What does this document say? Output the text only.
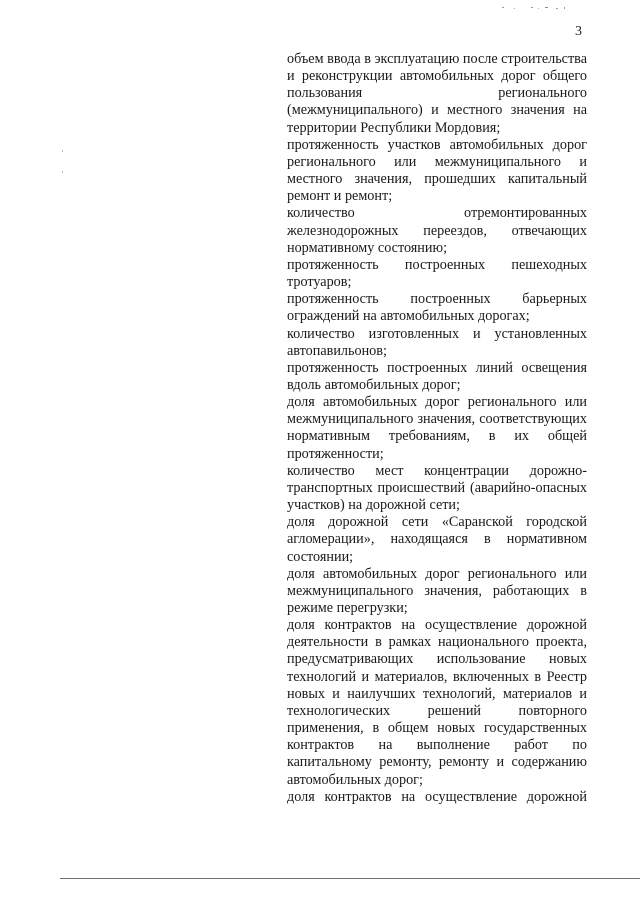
3

объем ввода в эксплуатацию после строительства и реконструкции автомобильных дорог общего пользования регионального (межмуниципального) и местного значения на территории Республики Мордовия;

протяженность участков автомобильных дорог регионального или межмуниципального и местного значения, прошедших капитальный ремонт и ремонт;

количество отремонтированных железнодорожных переездов, отвечающих нормативному состоянию;

протяженность построенных пешеходных тротуаров;

протяженность построенных барьерных ограждений на автомобильных дорогах;

количество изготовленных и установленных автопавильонов;

протяженность построенных линий освещения вдоль автомобильных дорог;

доля автомобильных дорог регионального или межмуниципального значения, соответствующих нормативным требованиям, в их общей протяженности;

количество мест концентрации дорожно-транспортных происшествий (аварийно-опасных участков) на дорожной сети;

доля дорожной сети «Саранской городской агломерации», находящаяся в нормативном состоянии;

доля автомобильных дорог регионального или межмуниципального значения, работающих в режиме перегрузки;

доля контрактов на осуществление дорожной деятельности в рамках национального проекта, предусматривающих использование новых технологий и материалов, включенных в Реестр новых и наилучших технологий, материалов и технологических решений повторного применения, в общем новых государственных контрактов на выполнение работ по капитальному ремонту, ремонту и содержанию автомобильных дорог;

доля контрактов на осуществление дорожной
